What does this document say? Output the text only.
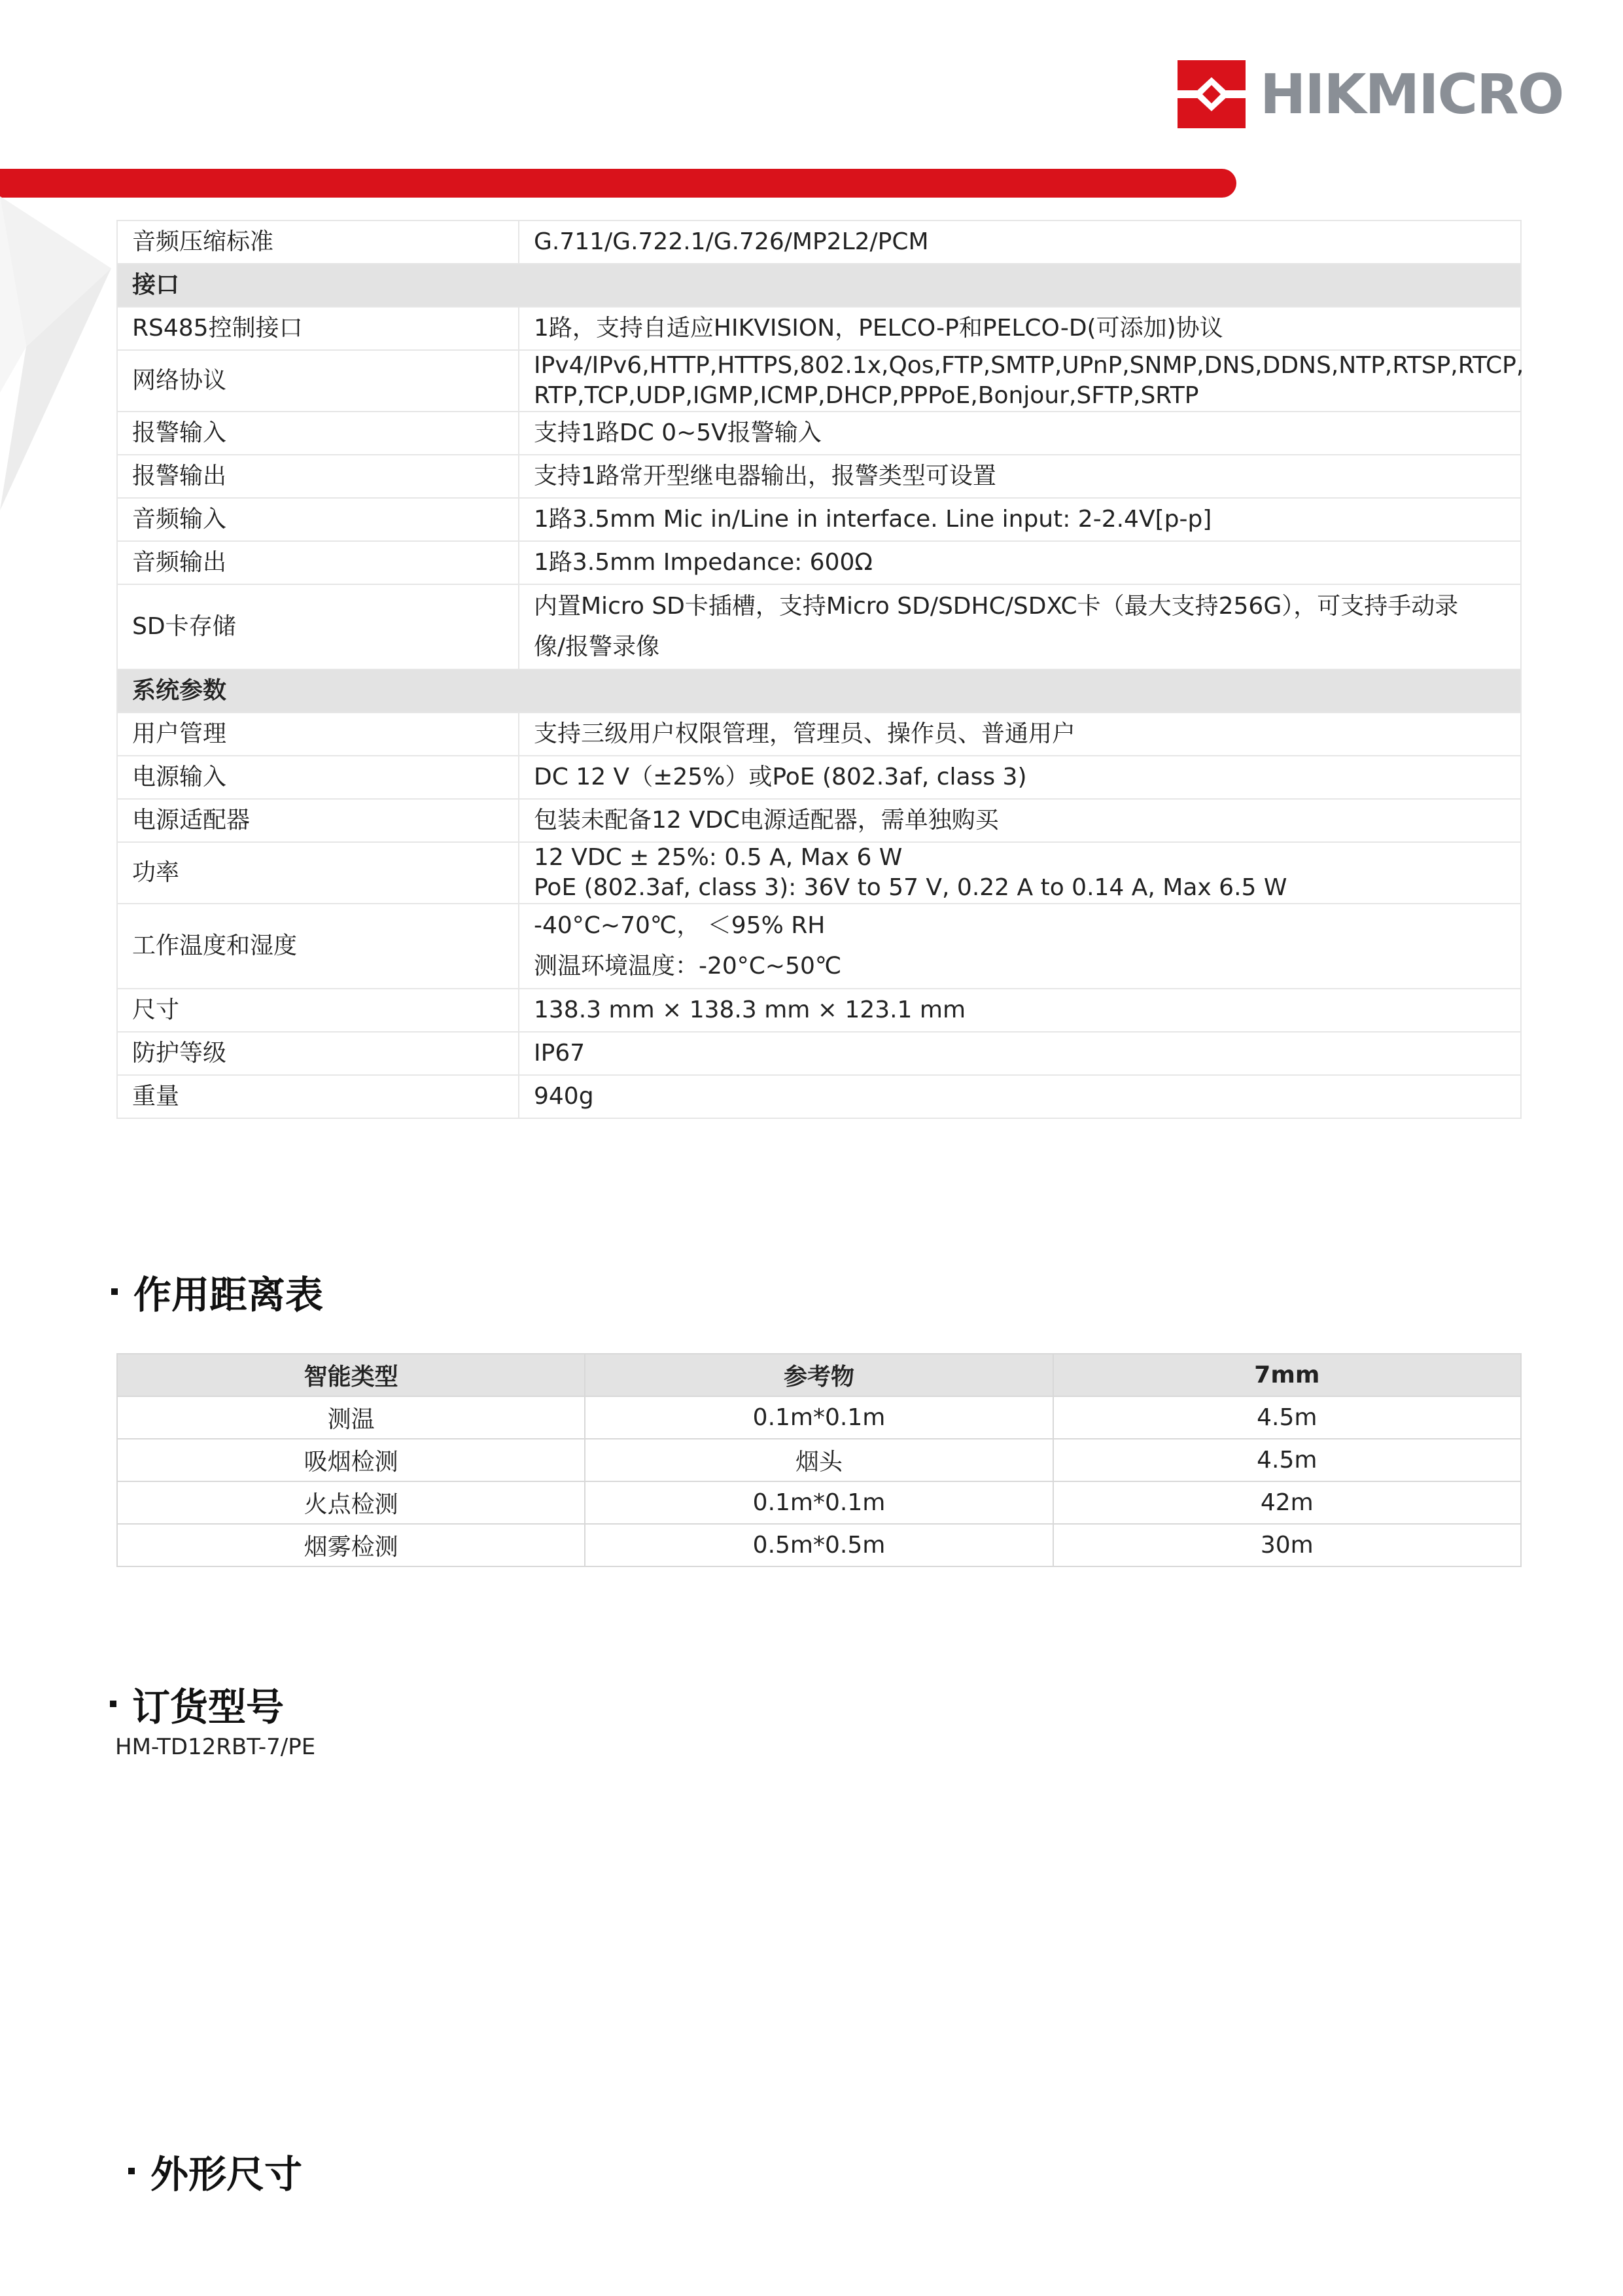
HIKMICRO
音频压缩标准	G.711/G.722.1/G.726/MP2L2/PCM

接口	
RS485控制接口	1路，支持自适应HIKVISION，PELCO-P和PELCO-D(可添加)协议

网络协议	IPv4/IPv6,HTTP,HTTPS,802.1x,Qos,FTP,SMTP,UPnP,SNMP,DNS,DDNS,NTP,RTSP,RTCP,
RTP,TCP,UDP,IGMP,ICMP,DHCP,PPPoE,Bonjour,SFTP,SRTP

报警输入	支持1路DC 0~5V报警输入

报警输出	支持1路常开型继电器输出，报警类型可设置

音频输入	1路3.5mm Mic in/Line in interface. Line input: 2-2.4V[p-p]

音频输出	1路3.5mm Impedance: 600Ω

SD卡存储	内置Micro SD卡插槽，支持Micro SD/SDHC/SDXC卡（最大支持256G），可支持手动录
像/报警录像

系统参数	
用户管理	支持三级用户权限管理，管理员、操作员、普通用户

电源输入	DC 12 V（±25%）或PoE (802.3af, class 3)

电源适配器	包装未配备12 VDC电源适配器，需单独购买

功率	12 VDC ± 25%: 0.5 A, Max 6 W
PoE (802.3af, class 3): 36V to 57 V, 0.22 A to 0.14 A, Max 6.5 W

工作温度和湿度	-40°C~70℃， ＜95% RH
测温环境温度：-20°C~50℃

尺寸	138.3 mm × 138.3 mm × 123.1 mm

防护等级	IP67

重量	940g
作用距离表
智能类型	参考物	7mm
测温	0.1m*0.1m	4.5m
吸烟检测	烟头	4.5m
火点检测	0.1m*0.1m	42m
烟雾检测	0.5m*0.5m	30m
订货型号
HM-TD12RBT-7/PE
外形尺寸
